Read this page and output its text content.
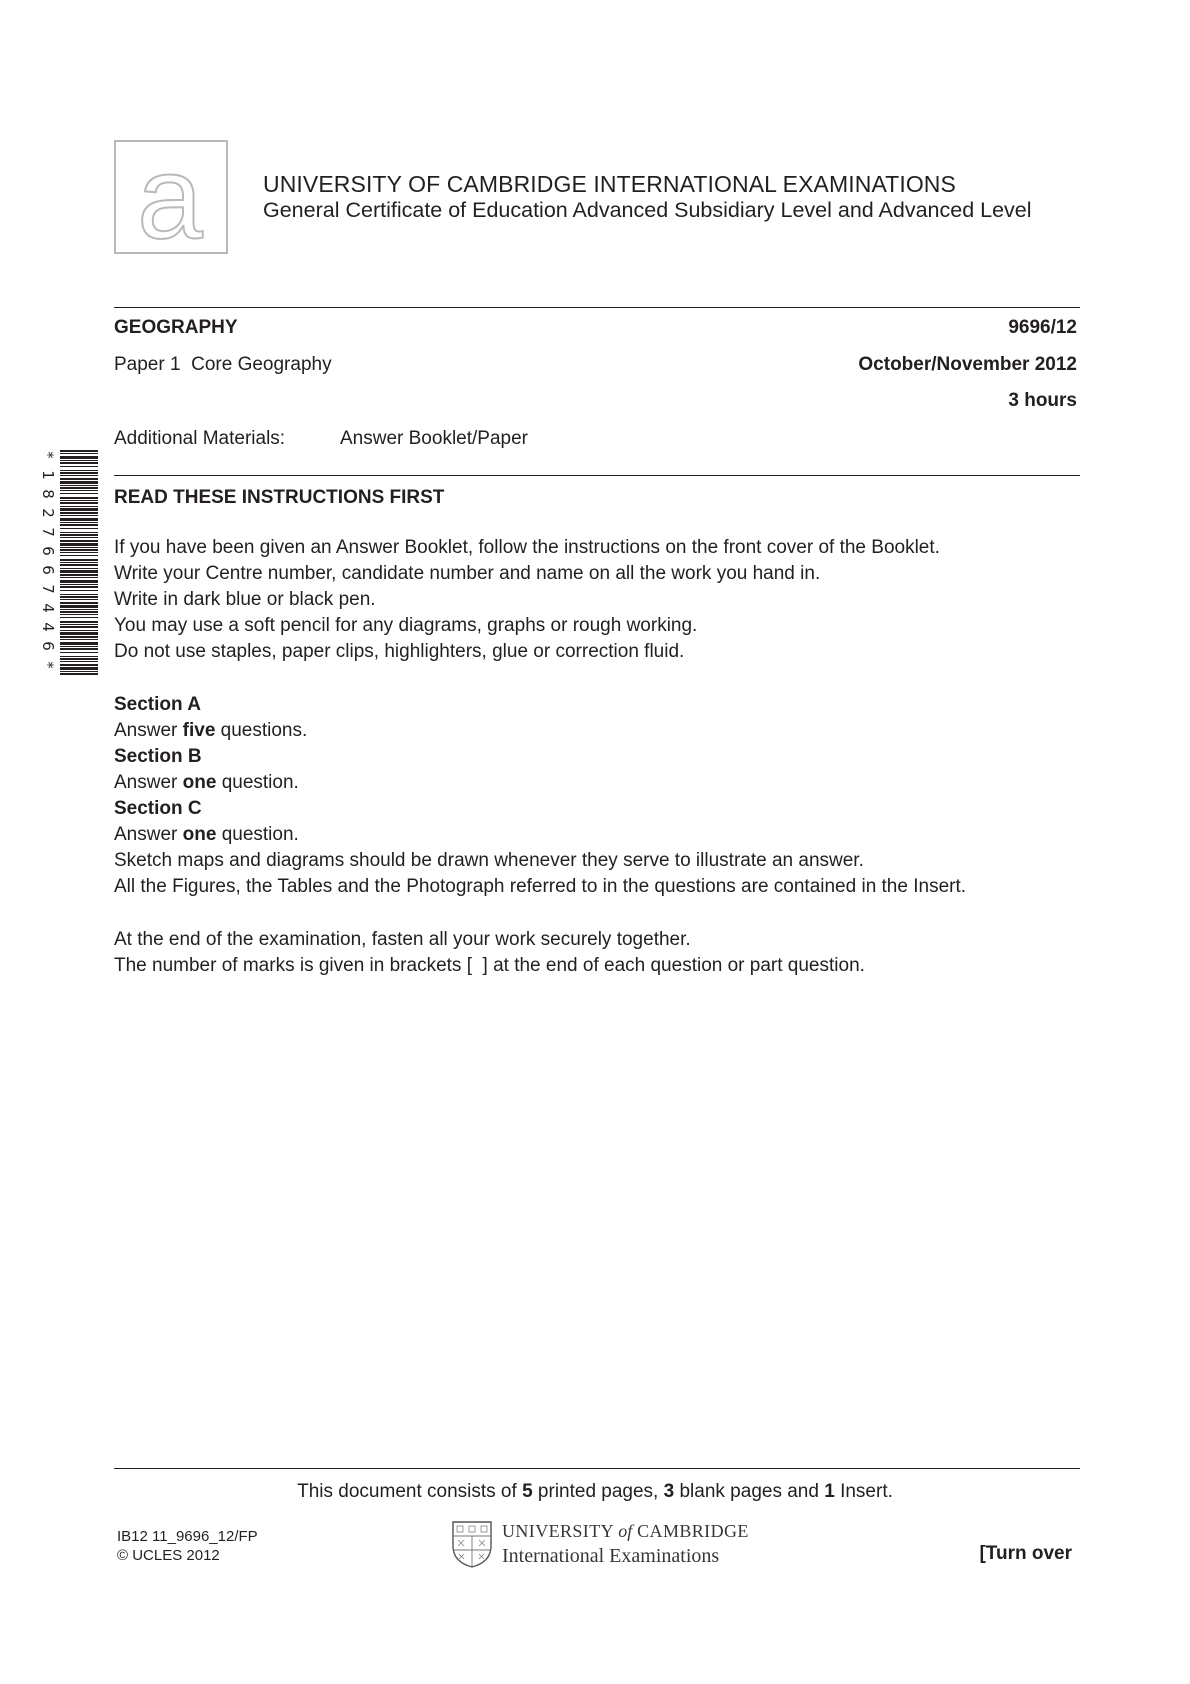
a	UNIVERSITY OF CAMBRIDGE INTERNATIONAL EXAMINATIONS
General Certificate of Education Advanced Subsidiary Level and Advanced Level
GEOGRAPHY	9696/12
Paper 1  Core Geography	October/November 2012
3 hours
Additional Materials:	Answer Booklet/Paper
*
1
8
2
7
6
6
7
4
4
6
*
READ THESE INSTRUCTIONS FIRST

If you have been given an Answer Booklet, follow the instructions on the front cover of the Booklet.

Write your Centre number, candidate number and name on all the work you hand in.

Write in dark blue or black pen.

You may use a soft pencil for any diagrams, graphs or rough working.

Do not use staples, paper clips, highlighters, glue or correction fluid.

Section A

Answer five questions.

Section B

Answer one question.

Section C

Answer one question.

Sketch maps and diagrams should be drawn whenever they serve to illustrate an answer.

All the Figures, the Tables and the Photograph referred to in the questions are contained in the Insert.

At the end of the examination, fasten all your work securely together.

The number of marks is given in brackets [  ] at the end of each question or part question.

This document consists of 5 printed pages, 3 blank pages and 1 Insert.
IB12 11_9696_12/FP
© UCLES 2012
UNIVERSITY of CAMBRIDGE
International Examinations	[Turn over
